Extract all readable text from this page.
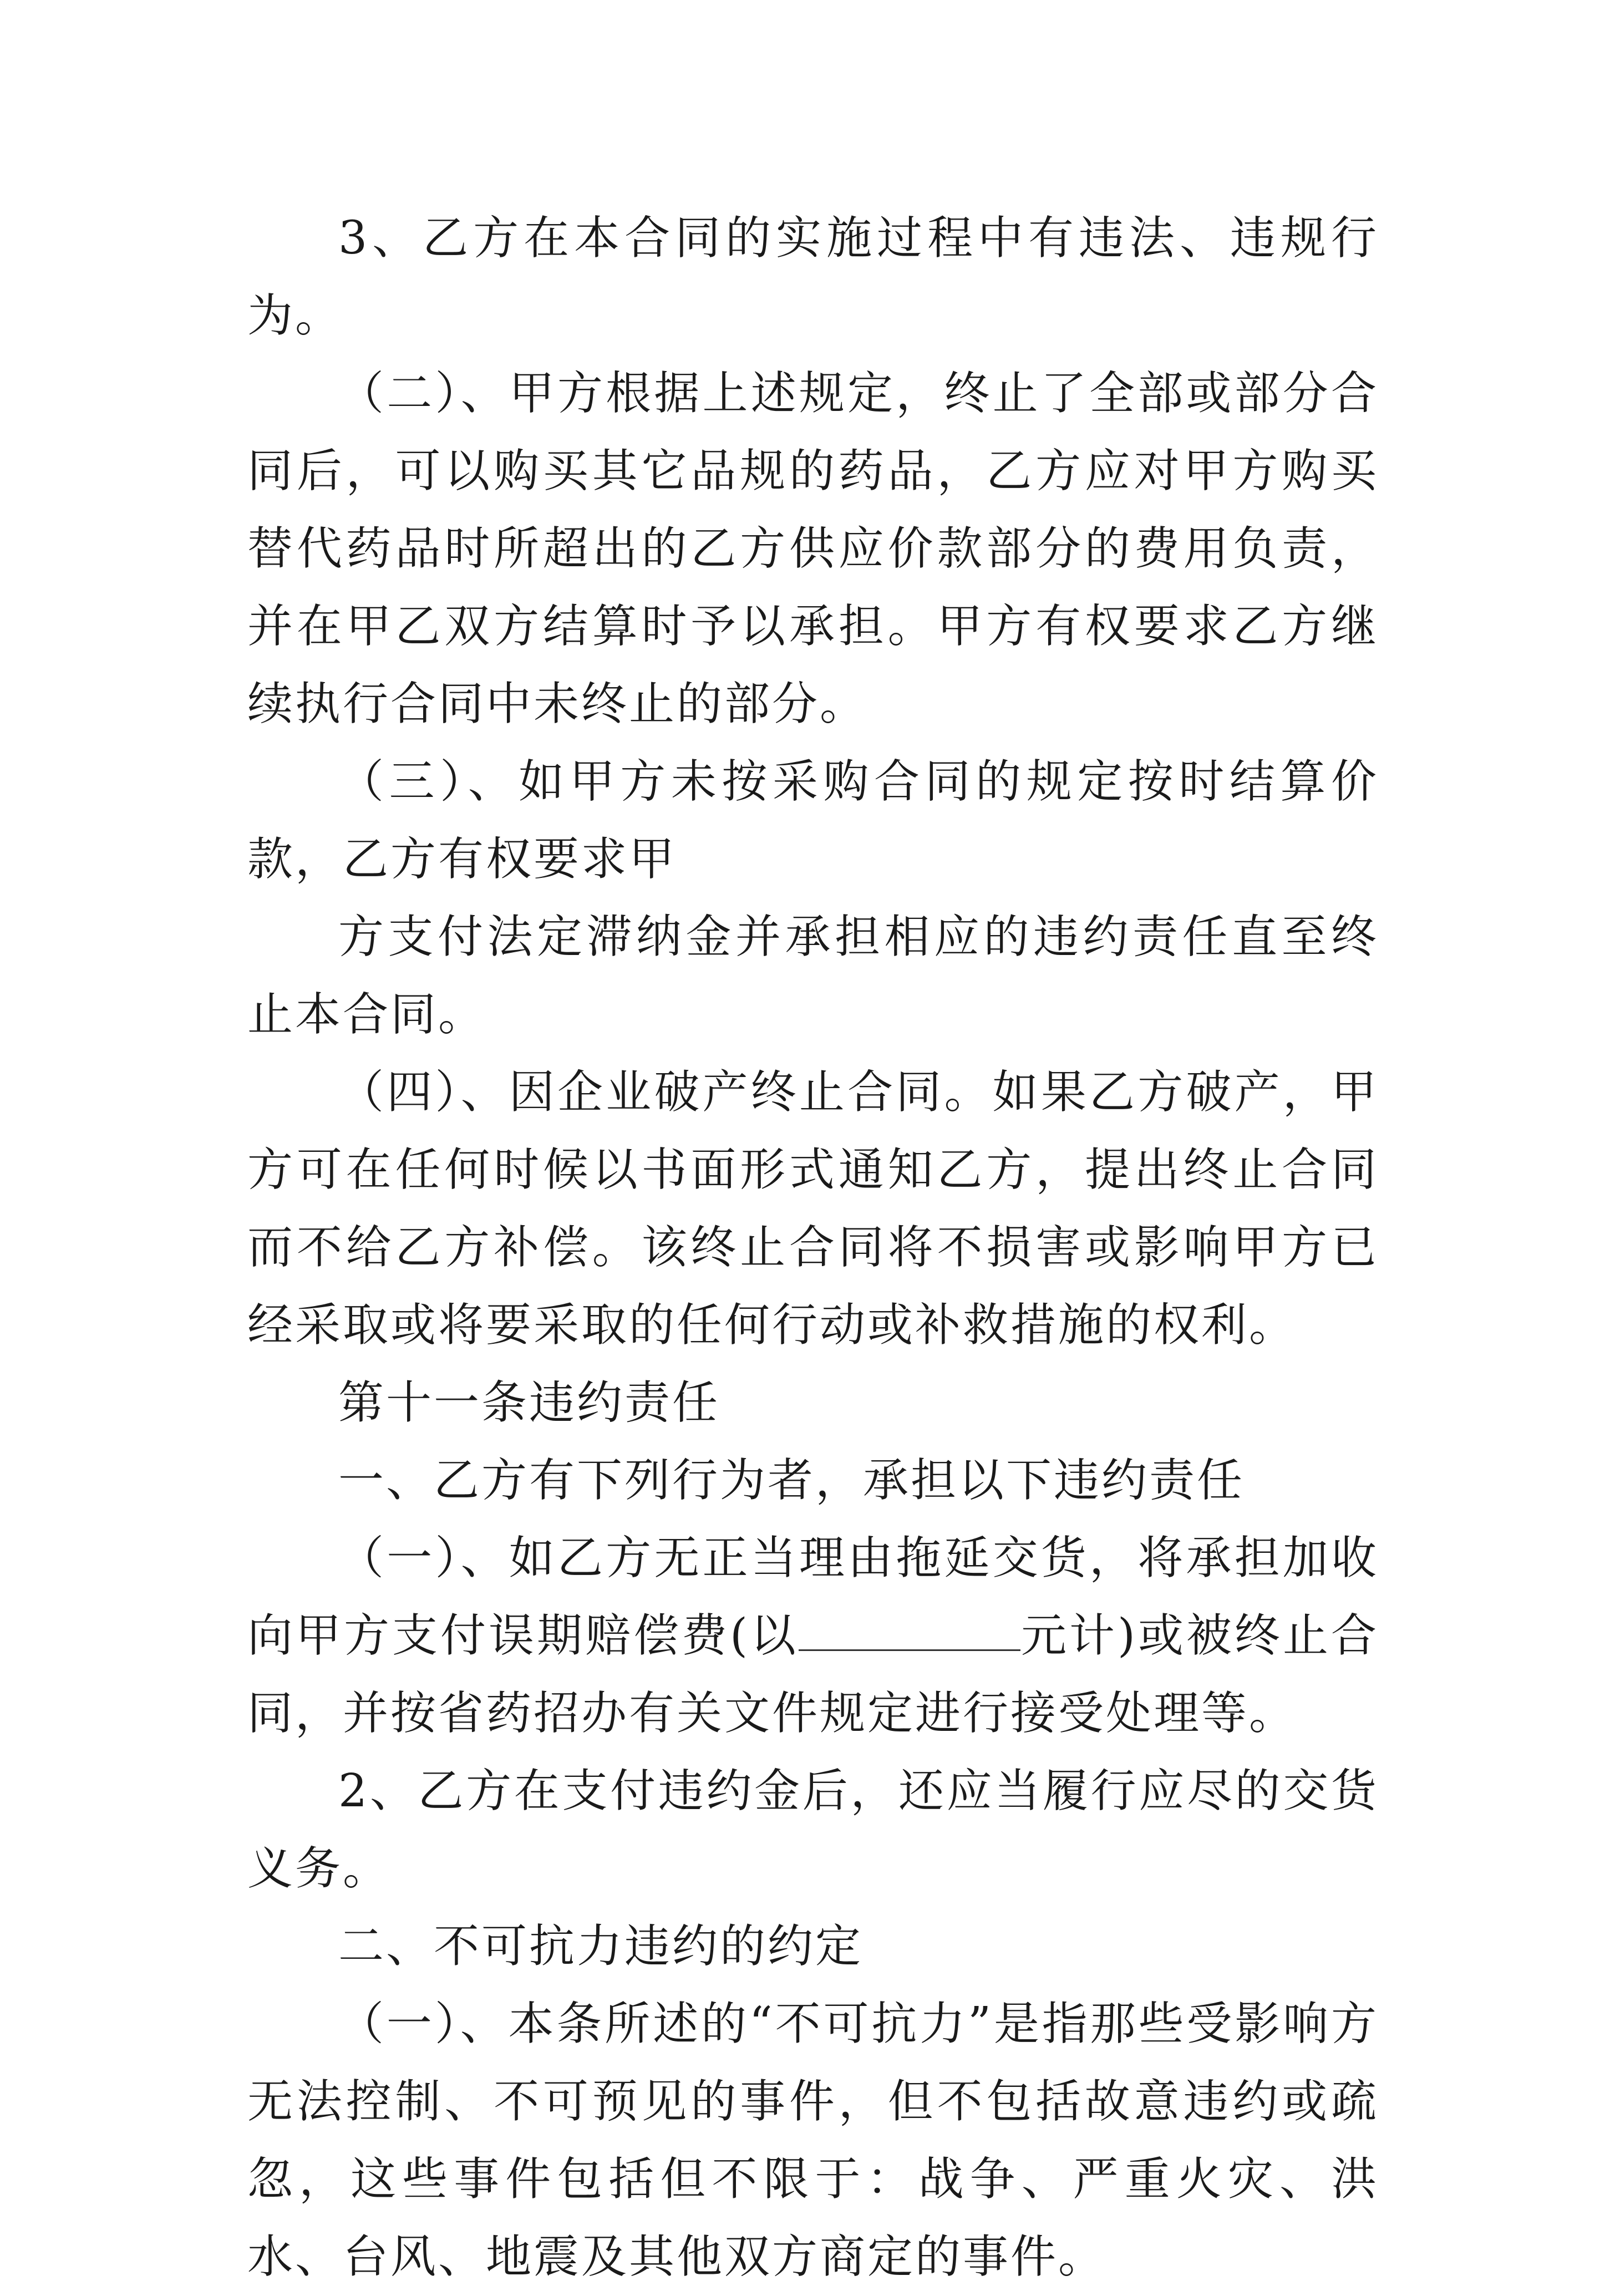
3、乙方在本合同的实施过程中有违法、违规行为。

（二）、甲方根据上述规定，终止了全部或部分合同后，可以购买其它品规的药品，乙方应对甲方购买替代药品时所超出的乙方供应价款部分的费用负责，并在甲乙双方结算时予以承担。甲方有权要求乙方继续执行合同中未终止的部分。

（三）、如甲方未按采购合同的规定按时结算价款，乙方有权要求甲

方支付法定滞纳金并承担相应的违约责任直至终止本合同。

（四）、因企业破产终止合同。如果乙方破产，甲方可在任何时候以书面形式通知乙方，提出终止合同而不给乙方补偿。该终止合同将不损害或影响甲方已经采取或将要采取的任何行动或补救措施的权利。

第十一条违约责任

一、乙方有下列行为者，承担以下违约责任

（一）、如乙方无正当理由拖延交货，将承担加收向甲方支付误期赔偿费(以	元计)或被终止合同，并按省药招办有关文件规定进行接受处理等。

2、乙方在支付违约金后，还应当履行应尽的交货义务。

二、不可抗力违约的约定

（一）、本条所述的“不可抗力”是指那些受影响方无法控制、不可预见的事件，但不包括故意违约或疏忽，这些事件包括但不限于：战争、严重火灾、洪水、台风、地震及其他双方商定的事件。
